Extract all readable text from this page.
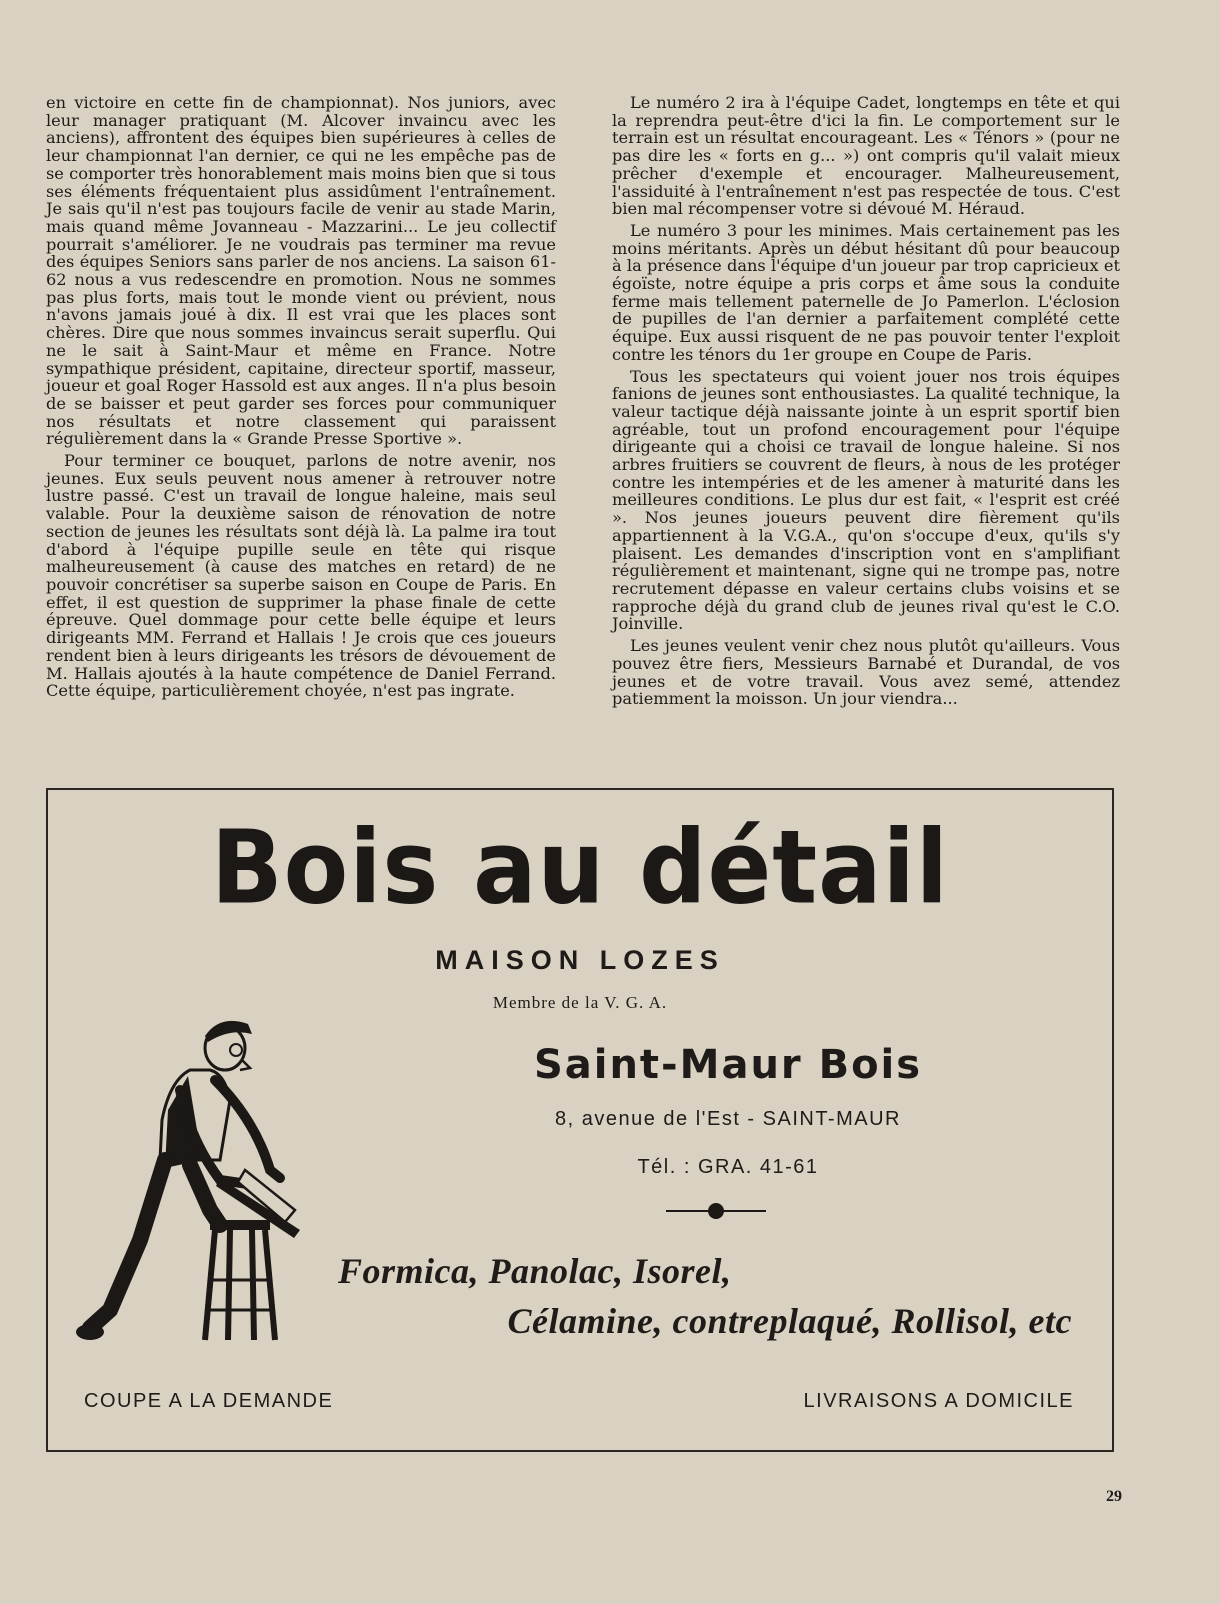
en victoire en cette fin de championnat). Nos juniors, avec leur manager pratiquant (M. Alcover invaincu avec les anciens), affrontent des équipes bien supérieures à celles de leur championnat l'an dernier, ce qui ne les empêche pas de se comporter très honorablement mais moins bien que si tous ses éléments fréquentaient plus assidûment l'entraînement. Je sais qu'il n'est pas toujours facile de venir au stade Marin, mais quand même Jovanneau - Mazzarini... Le jeu collectif pourrait s'améliorer. Je ne voudrais pas terminer ma revue des équipes Seniors sans parler de nos anciens. La saison 61-62 nous a vus redescendre en promotion. Nous ne sommes pas plus forts, mais tout le monde vient ou prévient, nous n'avons jamais joué à dix. Il est vrai que les places sont chères. Dire que nous sommes invaincus serait superflu. Qui ne le sait à Saint-Maur et même en France. Notre sympathique président, capitaine, directeur sportif, masseur, joueur et goal Roger Hassold est aux anges. Il n'a plus besoin de se baisser et peut garder ses forces pour communiquer nos résultats et notre classement qui paraissent régulièrement dans la « Grande Presse Sportive ».

Pour terminer ce bouquet, parlons de notre avenir, nos jeunes. Eux seuls peuvent nous amener à retrouver notre lustre passé. C'est un travail de longue haleine, mais seul valable. Pour la deuxième saison de rénovation de notre section de jeunes les résultats sont déjà là. La palme ira tout d'abord à l'équipe pupille seule en tête qui risque malheureusement (à cause des matches en retard) de ne pouvoir concrétiser sa superbe saison en Coupe de Paris. En effet, il est question de supprimer la phase finale de cette épreuve. Quel dommage pour cette belle équipe et leurs dirigeants MM. Ferrand et Hallais ! Je crois que ces joueurs rendent bien à leurs dirigeants les trésors de dévouement de M. Hallais ajoutés à la haute compétence de Daniel Ferrand. Cette équipe, particulièrement choyée, n'est pas ingrate.

Le numéro 2 ira à l'équipe Cadet, longtemps en tête et qui la reprendra peut-être d'ici la fin. Le comportement sur le terrain est un résultat encourageant. Les « Ténors » (pour ne pas dire les « forts en g... ») ont compris qu'il valait mieux prêcher d'exemple et encourager. Malheureusement, l'assiduité à l'entraînement n'est pas respectée de tous. C'est bien mal récompenser votre si dévoué M. Héraud.

Le numéro 3 pour les minimes. Mais certainement pas les moins méritants. Après un début hésitant dû pour beaucoup à la présence dans l'équipe d'un joueur par trop capricieux et égoïste, notre équipe a pris corps et âme sous la conduite ferme mais tellement paternelle de Jo Pamerlon. L'éclosion de pupilles de l'an dernier a parfaitement complété cette équipe. Eux aussi risquent de ne pas pouvoir tenter l'exploit contre les ténors du 1er groupe en Coupe de Paris.

Tous les spectateurs qui voient jouer nos trois équipes fanions de jeunes sont enthousiastes. La qualité technique, la valeur tactique déjà naissante jointe à un esprit sportif bien agréable, tout un profond encouragement pour l'équipe dirigeante qui a choisi ce travail de longue haleine. Si nos arbres fruitiers se couvrent de fleurs, à nous de les protéger contre les intempéries et de les amener à maturité dans les meilleures conditions. Le plus dur est fait, « l'esprit est créé ». Nos jeunes joueurs peuvent dire fièrement qu'ils appartiennent à la V.G.A., qu'on s'occupe d'eux, qu'ils s'y plaisent. Les demandes d'inscription vont en s'amplifiant régulièrement et maintenant, signe qui ne trompe pas, notre recrutement dépasse en valeur certains clubs voisins et se rapproche déjà du grand club de jeunes rival qu'est le C.O. Joinville.

Les jeunes veulent venir chez nous plutôt qu'ailleurs. Vous pouvez être fiers, Messieurs Barnabé et Durandal, de vos jeunes et de votre travail. Vous avez semé, attendez patiemment la moisson. Un jour viendra...

Bois au détail
MAISON LOZES
Membre de la V. G. A.
Saint-Maur Bois
8, avenue de l'Est - SAINT-MAUR
Tél. : GRA. 41-61
Formica, Panolac, Isorel,
Célamine, contreplaqué, Rollisol, etc
COUPE A LA DEMANDE	LIVRAISONS A DOMICILE
29
